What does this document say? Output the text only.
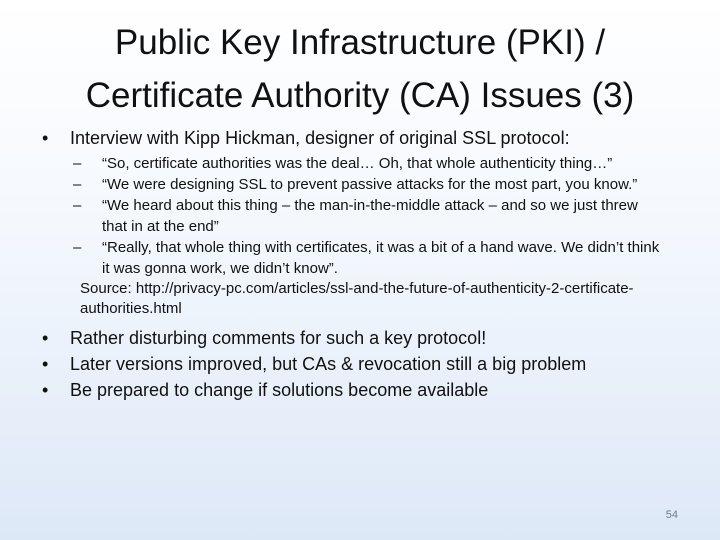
Public Key Infrastructure (PKI) /
Certificate Authority (CA) Issues (3)
• Interview with Kipp Hickman, designer of original SSL protocol:
– “So, certificate authorities was the deal… Oh, that whole authenticity thing…”
– “We were designing SSL to prevent passive attacks for the most part, you know.”
– “We heard about this thing – the man-in-the-middle attack – and so we just threw that in at the end”
– “Really, that whole thing with certificates, it was a bit of a hand wave. We didn’t think it was gonna work, we didn’t know”.
Source: http://privacy-pc.com/articles/ssl-and-the-future-of-authenticity-2-certificate-authorities.html
• Rather disturbing comments for such a key protocol!
• Later versions improved, but CAs & revocation still a big problem
• Be prepared to change if solutions become available
54
